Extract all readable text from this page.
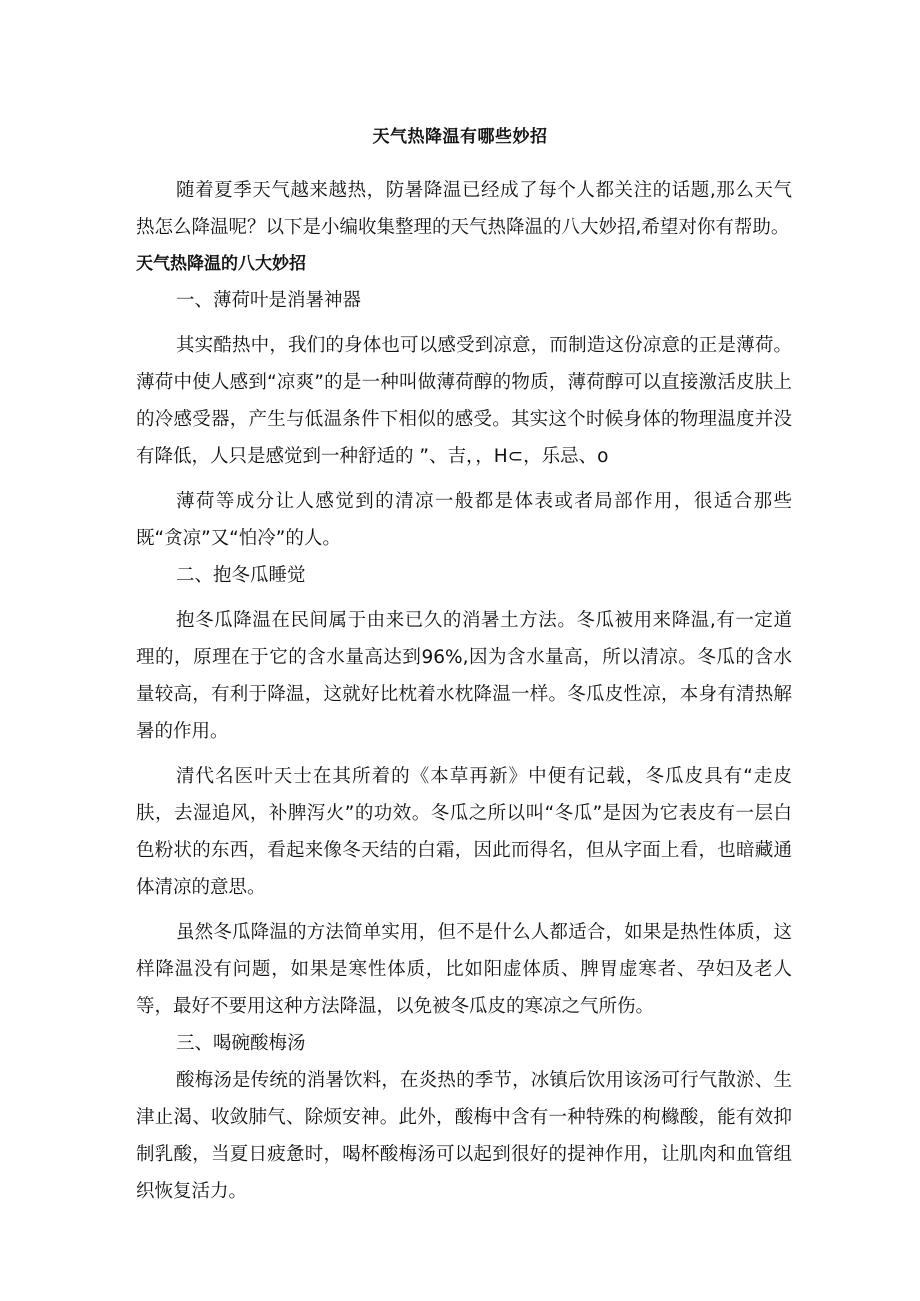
天气热降温有哪些妙招

随着夏季天气越来越热，防暑降温已经成了每个人都关注的话题,那么天气热怎么降温呢？以下是小编收集整理的天气热降温的八大妙招,希望对你有帮助。

天气热降温的八大妙招

一、薄荷叶是消暑神器

其实酷热中，我们的身体也可以感受到凉意，而制造这份凉意的正是薄荷。薄荷中使人感到“凉爽”的是一种叫做薄荷醇的物质，薄荷醇可以直接激活皮肤上的冷感受器，产生与低温条件下相似的感受。其实这个时候身体的物理温度并没有降低，人只是感觉到一种舒适的 ”、吉，，H⊂，乐忌、o

薄荷等成分让人感觉到的清凉一般都是体表或者局部作用，很适合那些既“贪凉”又“怕冷”的人。

二、抱冬瓜睡觉

抱冬瓜降温在民间属于由来已久的消暑土方法。冬瓜被用来降温,有一定道理的，原理在于它的含水量高达到96%,因为含水量高，所以清凉。冬瓜的含水量较高，有利于降温，这就好比枕着水枕降温一样。冬瓜皮性凉，本身有清热解暑的作用。

清代名医叶天士在其所着的《本草再新》中便有记载，冬瓜皮具有“走皮肤，去湿追风，补脾泻火”的功效。冬瓜之所以叫“冬瓜”是因为它表皮有一层白色粉状的东西，看起来像冬天结的白霜，因此而得名，但从字面上看，也暗藏通体清凉的意思。

虽然冬瓜降温的方法简单实用，但不是什么人都适合，如果是热性体质，这样降温没有问题，如果是寒性体质，比如阳虚体质、脾胃虚寒者、孕妇及老人等，最好不要用这种方法降温，以免被冬瓜皮的寒凉之气所伤。

三、喝碗酸梅汤

酸梅汤是传统的消暑饮料，在炎热的季节，冰镇后饮用该汤可行气散淤、生津止渴、收敛肺气、除烦安神。此外，酸梅中含有一种特殊的枸櫞酸，能有效抑制乳酸，当夏日疲惫时，喝杯酸梅汤可以起到很好的提神作用，让肌肉和血管组织恢复活力。
